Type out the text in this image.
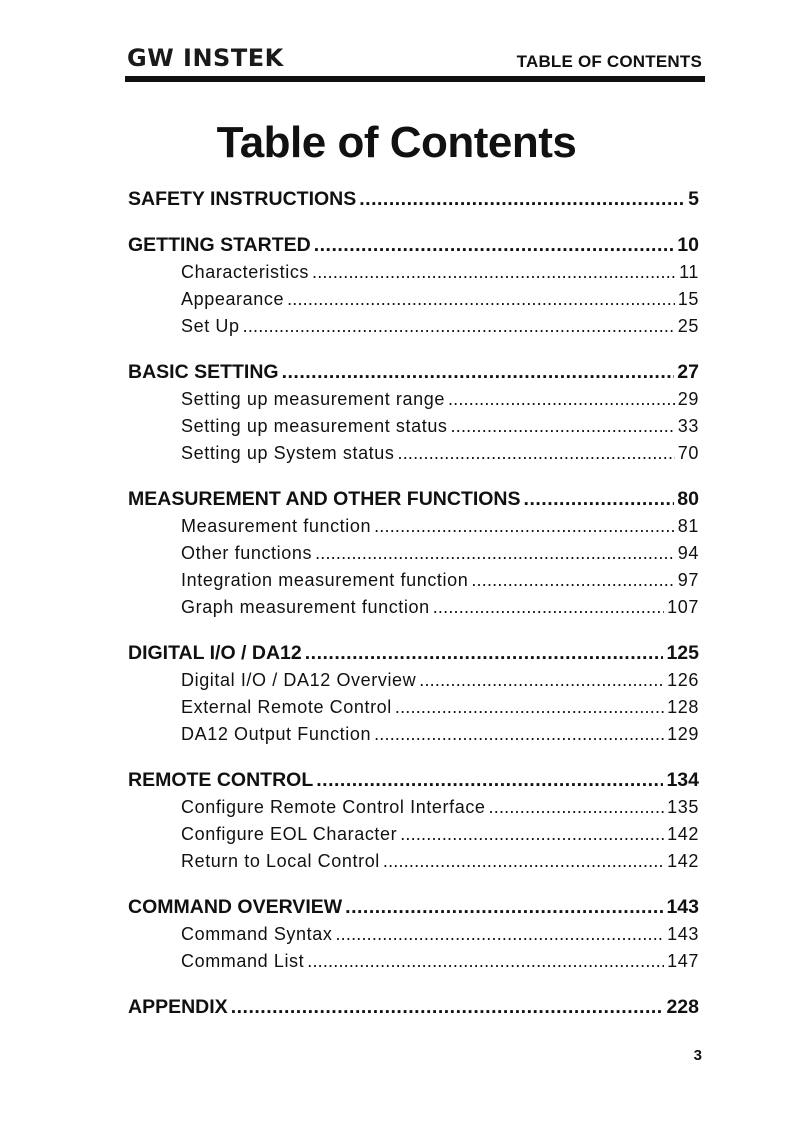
GW INSTEK	TABLE OF CONTENTS
Table of Contents
SAFETY INSTRUCTIONS .....	5
GETTING STARTED .....	10
Characteristics .....	11
Appearance .....	15
Set Up .....	25
BASIC SETTING .....	27
Setting up measurement range .....	29
Setting up measurement status .....	33
Setting up System status .....	70
MEASUREMENT AND OTHER FUNCTIONS .....	80
Measurement function .....	81
Other functions .....	94
Integration measurement function .....	97
Graph measurement function .....	107
DIGITAL I/O / DA12 .....	125
Digital I/O / DA12 Overview .....	126
External Remote Control .....	128
DA12 Output Function .....	129
REMOTE CONTROL .....	134
Configure Remote Control Interface .....	135
Configure EOL Character .....	142
Return to Local Control .....	142
COMMAND OVERVIEW .....	143
Command Syntax .....	143
Command List .....	147
APPENDIX .....	228
3
